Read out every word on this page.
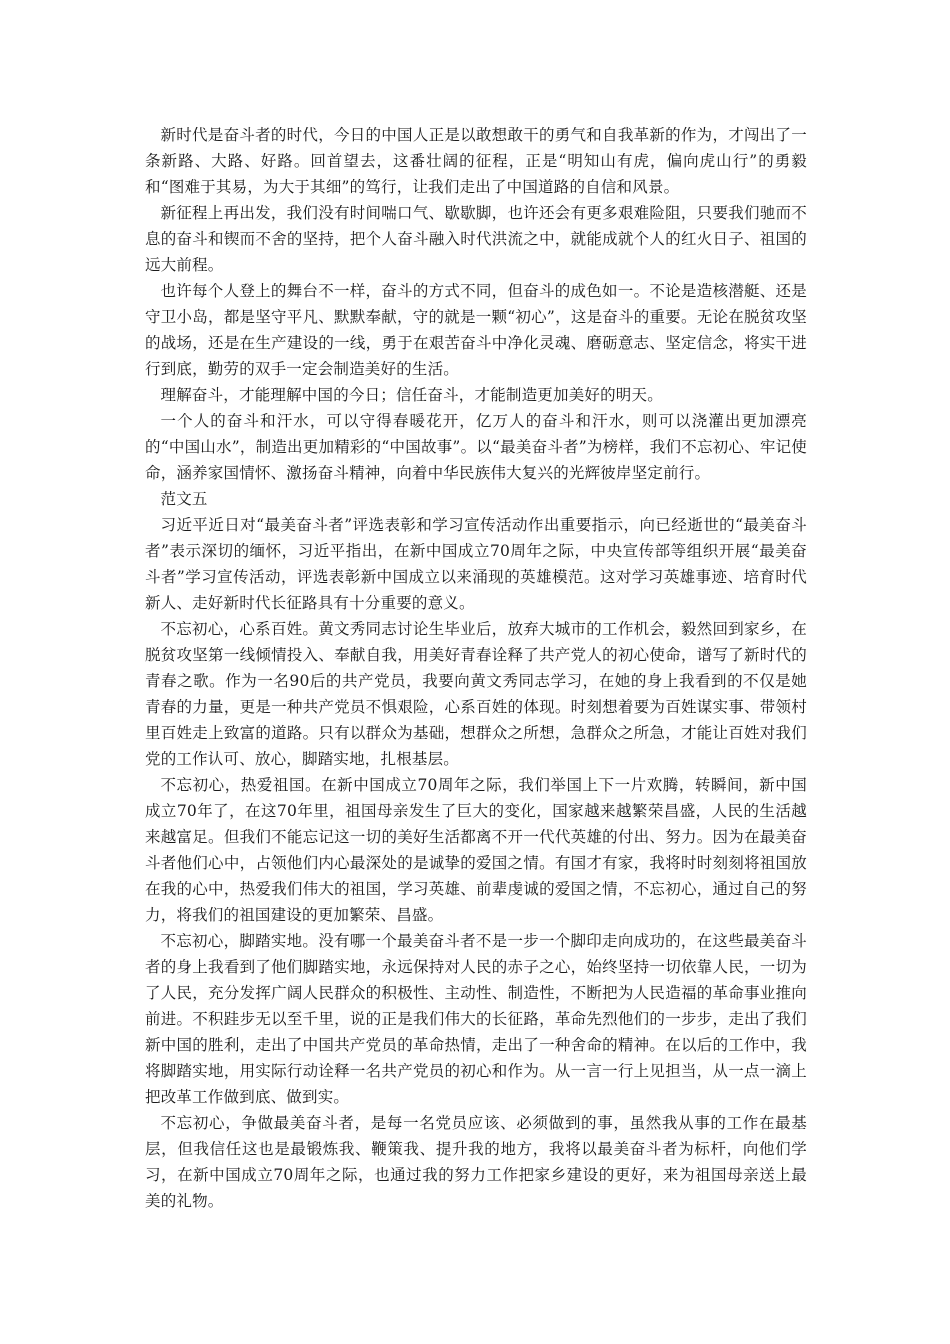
新时代是奋斗者的时代，今日的中国人正是以敢想敢干的勇气和自我革新的作为，才闯出了一条新路、大路、好路。回首望去，这番壮阔的征程，正是“明知山有虎，偏向虎山行”的勇毅和“图难于其易，为大于其细”的笃行，让我们走出了中国道路的自信和风景。

新征程上再出发，我们没有时间喘口气、歇歇脚，也许还会有更多艰难险阻，只要我们驰而不息的奋斗和锲而不舍的坚持，把个人奋斗融入时代洪流之中，就能成就个人的红火日子、祖国的远大前程。

也许每个人登上的舞台不一样，奋斗的方式不同，但奋斗的成色如一。不论是造核潜艇、还是守卫小岛，都是坚守平凡、默默奉献，守的就是一颗“初心”，这是奋斗的重要。无论在脱贫攻坚的战场，还是在生产建设的一线，勇于在艰苦奋斗中净化灵魂、磨砺意志、坚定信念，将实干进行到底，勤劳的双手一定会制造美好的生活。

理解奋斗，才能理解中国的今日；信任奋斗，才能制造更加美好的明天。

一个人的奋斗和汗水，可以守得春暖花开，亿万人的奋斗和汗水，则可以浇灌出更加漂亮的“中国山水”，制造出更加精彩的“中国故事”。以“最美奋斗者”为榜样，我们不忘初心、牢记使命，涵养家国情怀、激扬奋斗精神，向着中华民族伟大复兴的光辉彼岸坚定前行。

范文五

习近平近日对“最美奋斗者”评选表彰和学习宣传活动作出重要指示，向已经逝世的“最美奋斗者”表示深切的缅怀，习近平指出，在新中国成立70周年之际，中央宣传部等组织开展“最美奋斗者”学习宣传活动，评选表彰新中国成立以来涌现的英雄模范。这对学习英雄事迹、培育时代新人、走好新时代长征路具有十分重要的意义。

不忘初心，心系百姓。黄文秀同志讨论生毕业后，放弃大城市的工作机会，毅然回到家乡，在脱贫攻坚第一线倾情投入、奉献自我，用美好青春诠释了共产党人的初心使命，谱写了新时代的青春之歌。作为一名90后的共产党员，我要向黄文秀同志学习，在她的身上我看到的不仅是她青春的力量，更是一种共产党员不惧艰险，心系百姓的体现。时刻想着要为百姓谋实事、带领村里百姓走上致富的道路。只有以群众为基础，想群众之所想，急群众之所急，才能让百姓对我们党的工作认可、放心，脚踏实地，扎根基层。

不忘初心，热爱祖国。在新中国成立70周年之际，我们举国上下一片欢腾，转瞬间，新中国成立70年了，在这70年里，祖国母亲发生了巨大的变化，国家越来越繁荣昌盛，人民的生活越来越富足。但我们不能忘记这一切的美好生活都离不开一代代英雄的付出、努力。因为在最美奋斗者他们心中，占领他们内心最深处的是诚挚的爱国之情。有国才有家，我将时时刻刻将祖国放在我的心中，热爱我们伟大的祖国，学习英雄、前辈虔诚的爱国之情，不忘初心，通过自己的努力，将我们的祖国建设的更加繁荣、昌盛。

不忘初心，脚踏实地。没有哪一个最美奋斗者不是一步一个脚印走向成功的，在这些最美奋斗者的身上我看到了他们脚踏实地，永远保持对人民的赤子之心，始终坚持一切依靠人民，一切为了人民，充分发挥广阔人民群众的积极性、主动性、制造性，不断把为人民造福的革命事业推向前进。不积跬步无以至千里，说的正是我们伟大的长征路，革命先烈他们的一步步，走出了我们新中国的胜利，走出了中国共产党员的革命热情，走出了一种舍命的精神。在以后的工作中，我将脚踏实地，用实际行动诠释一名共产党员的初心和作为。从一言一行上见担当，从一点一滴上把改革工作做到底、做到实。

不忘初心，争做最美奋斗者，是每一名党员应该、必须做到的事，虽然我从事的工作在最基层，但我信任这也是最锻炼我、鞭策我、提升我的地方，我将以最美奋斗者为标杆，向他们学习，在新中国成立70周年之际，也通过我的努力工作把家乡建设的更好，来为祖国母亲送上最美的礼物。
